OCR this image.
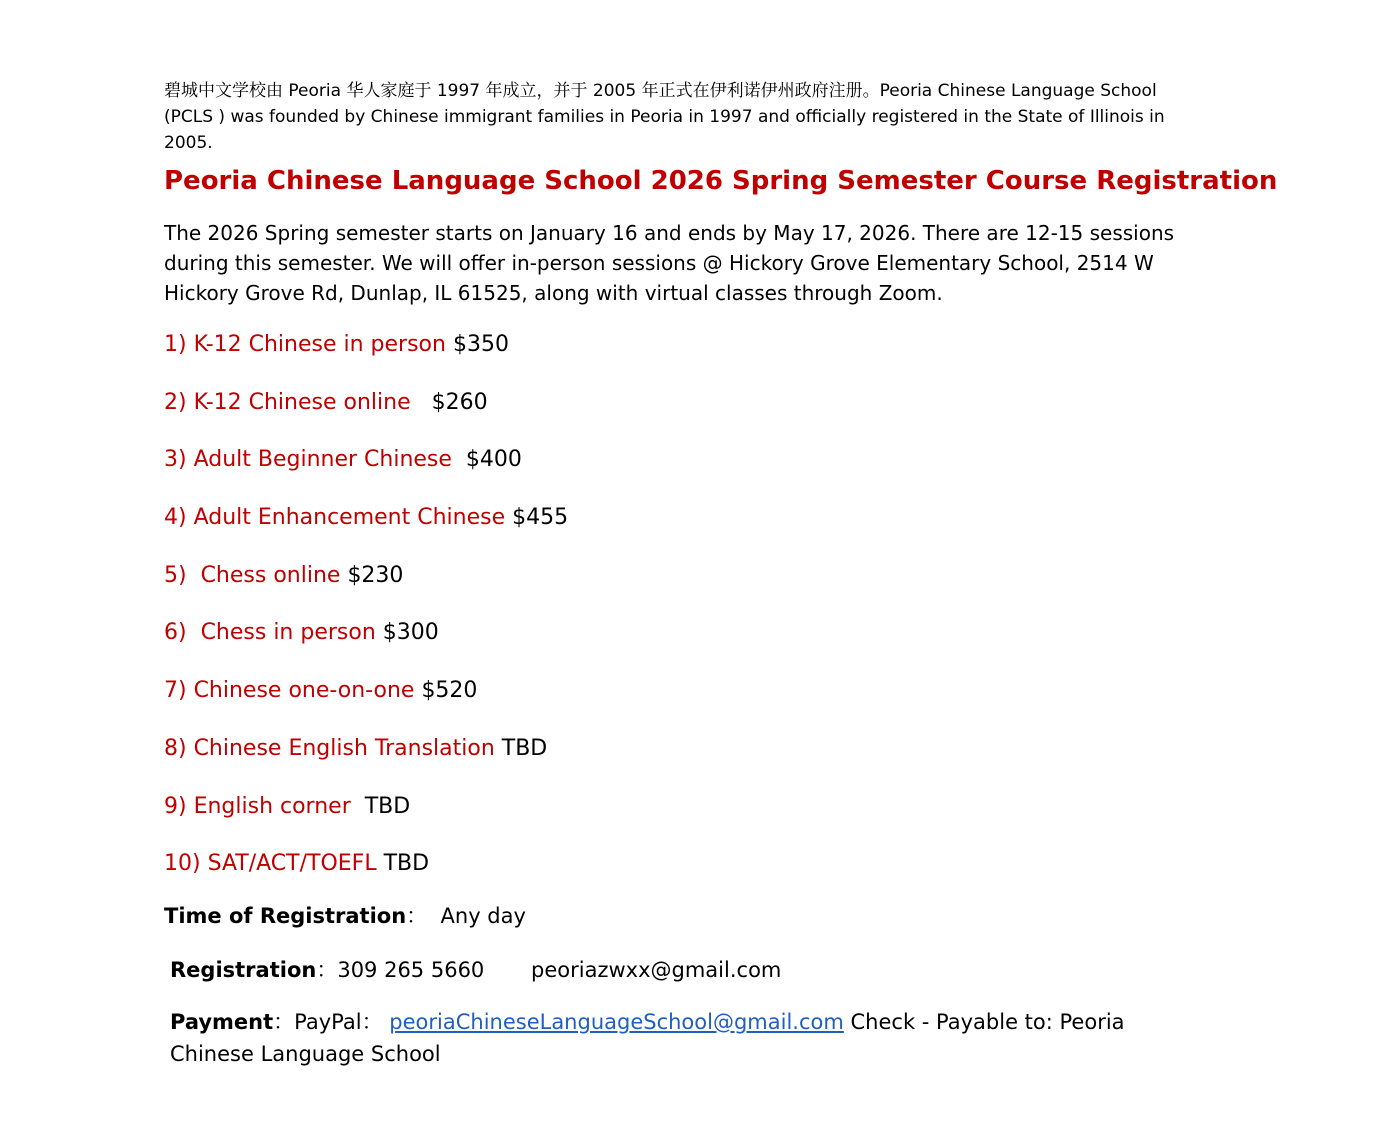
碧城中文学校由 Peoria 华人家庭于 1997 年成立，并于 2005 年正式在伊利诺伊州政府注册。Peoria Chinese Language School (PCLS ) was founded by Chinese immigrant families in Peoria in 1997 and officially registered in the State of Illinois in 2005.

Peoria Chinese Language School 2026 Spring Semester Course Registration

The 2026 Spring semester starts on January 16 and ends by May 17, 2026. There are 12-15 sessions during this semester. We will offer in-person sessions @ Hickory Grove Elementary School, 2514 W Hickory Grove Rd, Dunlap, IL 61525, along with virtual classes through Zoom.

1) K-12 Chinese in person $350
2) K-12 Chinese online   $260
3) Adult Beginner Chinese  $400
4) Adult Enhancement Chinese $455
5)  Chess online $230
6)  Chess in person $300
7) Chinese one-on-one $520
8) Chinese English Translation TBD
9) English corner  TBD
10) SAT/ACT/TOEFL TBD

Time of Registration：  Any day

Registration：309 265 5660 peoriazwxx@gmail.com

Payment：PayPal： peoriaChineseLanguageSchool@gmail.com Check - Payable to: Peoria Chinese Language School
